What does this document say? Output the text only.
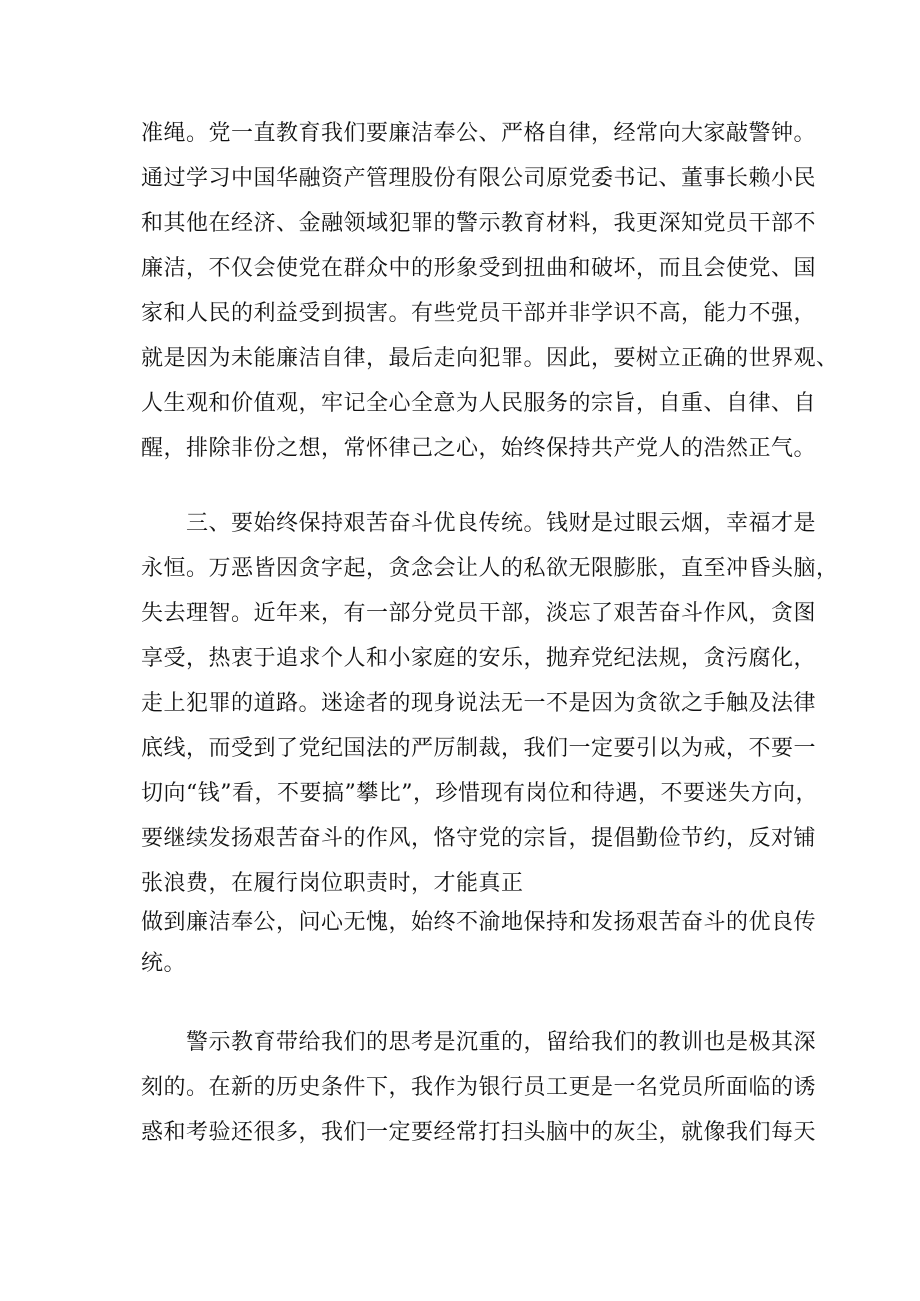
准绳。党一直教育我们要廉洁奉公、严格自律，经常向大家敲警钟。
通过学习中国华融资产管理股份有限公司原党委书记、董事长赖小民
和其他在经济、金融领域犯罪的警示教育材料，我更深知党员干部不
廉洁，不仅会使党在群众中的形象受到扭曲和破坏，而且会使党、国
家和人民的利益受到损害。有些党员干部并非学识不高，能力不强，
就是因为未能廉洁自律，最后走向犯罪。因此，要树立正确的世界观、
人生观和价值观，牢记全心全意为人民服务的宗旨，自重、自律、自
醒，排除非份之想，常怀律己之心，始终保持共产党人的浩然正气。
三、要始终保持艰苦奋斗优良传统。钱财是过眼云烟，幸福才是
永恒。万恶皆因贪字起，贪念会让人的私欲无限膨胀，直至冲昏头脑，
失去理智。近年来，有一部分党员干部，淡忘了艰苦奋斗作风，贪图
享受，热衷于追求个人和小家庭的安乐，抛弃党纪法规，贪污腐化，
走上犯罪的道路。迷途者的现身说法无一不是因为贪欲之手触及法律
底线，而受到了党纪国法的严厉制裁，我们一定要引以为戒，不要一
切向“钱”看，不要搞”攀比”，珍惜现有岗位和待遇，不要迷失方向，
要继续发扬艰苦奋斗的作风，恪守党的宗旨，提倡勤俭节约，反对铺
张浪费，在履行岗位职责时，才能真正
做到廉洁奉公，问心无愧，始终不渝地保持和发扬艰苦奋斗的优良传
统。
警示教育带给我们的思考是沉重的，留给我们的教训也是极其深
刻的。在新的历史条件下，我作为银行员工更是一名党员所面临的诱
惑和考验还很多，我们一定要经常打扫头脑中的灰尘，就像我们每天
